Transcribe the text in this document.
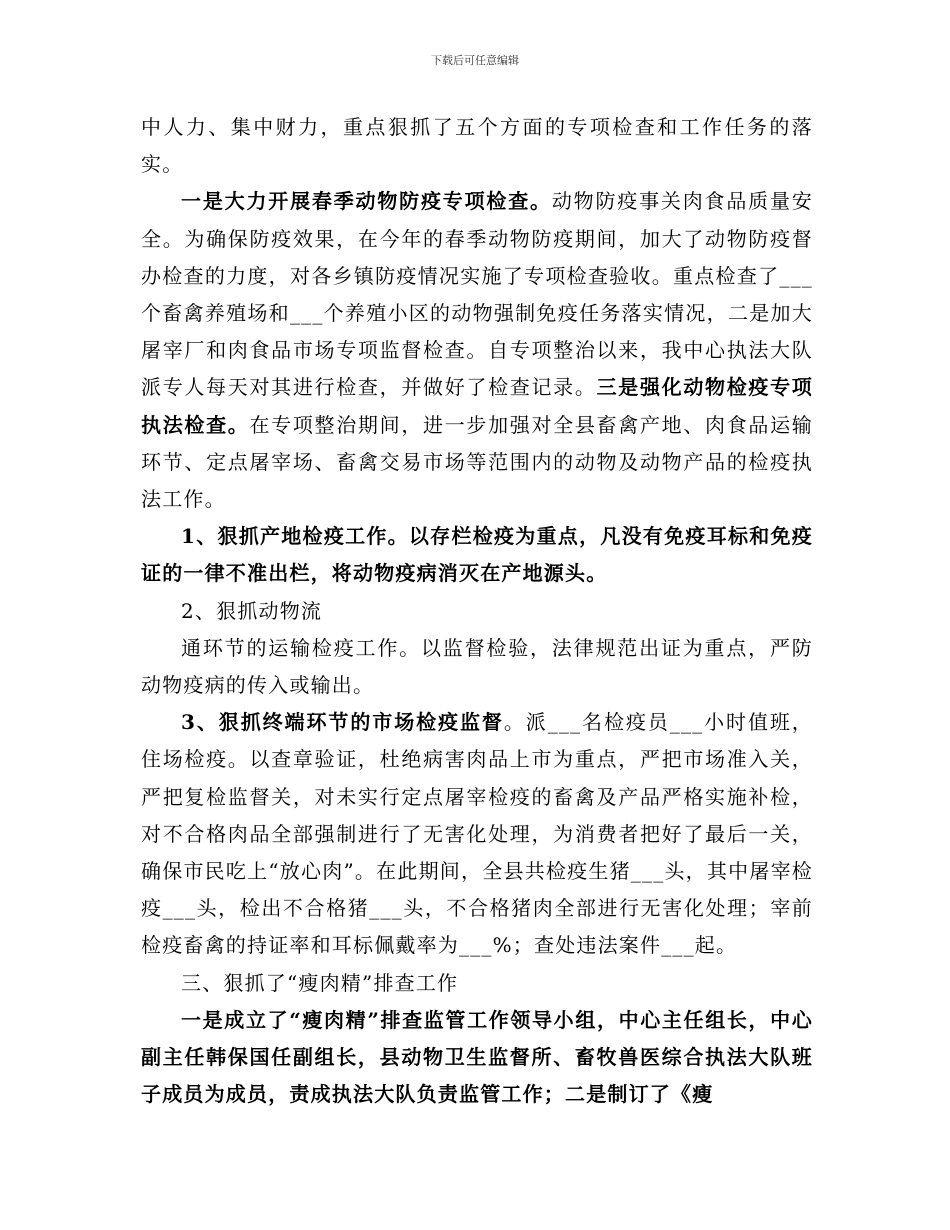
下载后可任意编辑

中人力、集中财力，重点狠抓了五个方面的专项检查和工作任务的落实。

一是大力开展春季动物防疫专项检查。动物防疫事关肉食品质量安全。为确保防疫效果，在今年的春季动物防疫期间，加大了动物防疫督办检查的力度，对各乡镇防疫情况实施了专项检查验收。重点检查了___个畜禽养殖场和___个养殖小区的动物强制免疫任务落实情况，二是加大屠宰厂和肉食品市场专项监督检查。自专项整治以来，我中心执法大队派专人每天对其进行检查，并做好了检查记录。三是强化动物检疫专项执法检查。在专项整治期间，进一步加强对全县畜禽产地、肉食品运输环节、定点屠宰场、畜禽交易市场等范围内的动物及动物产品的检疫执法工作。

1、狠抓产地检疫工作。以存栏检疫为重点，凡没有免疫耳标和免疫证的一律不准出栏，将动物疫病消灭在产地源头。

2、狠抓动物流

通环节的运输检疫工作。以监督检验，法律规范出证为重点，严防动物疫病的传入或输出。

3、狠抓终端环节的市场检疫监督。派___名检疫员___小时值班，住场检疫。以查章验证，杜绝病害肉品上市为重点，严把市场准入关，严把复检监督关，对未实行定点屠宰检疫的畜禽及产品严格实施补检，对不合格肉品全部强制进行了无害化处理，为消费者把好了最后一关，确保市民吃上“放心肉”。在此期间，全县共检疫生猪___头，其中屠宰检疫___头，检出不合格猪___头，不合格猪肉全部进行无害化处理；宰前检疫畜禽的持证率和耳标佩戴率为___%；查处违法案件___起。

三、狠抓了“瘦肉精”排查工作

一是成立了“瘦肉精”排查监管工作领导小组，中心主任组长，中心副主任韩保国任副组长，县动物卫生监督所、畜牧兽医综合执法大队班子成员为成员，责成执法大队负责监管工作；二是制订了《瘦
